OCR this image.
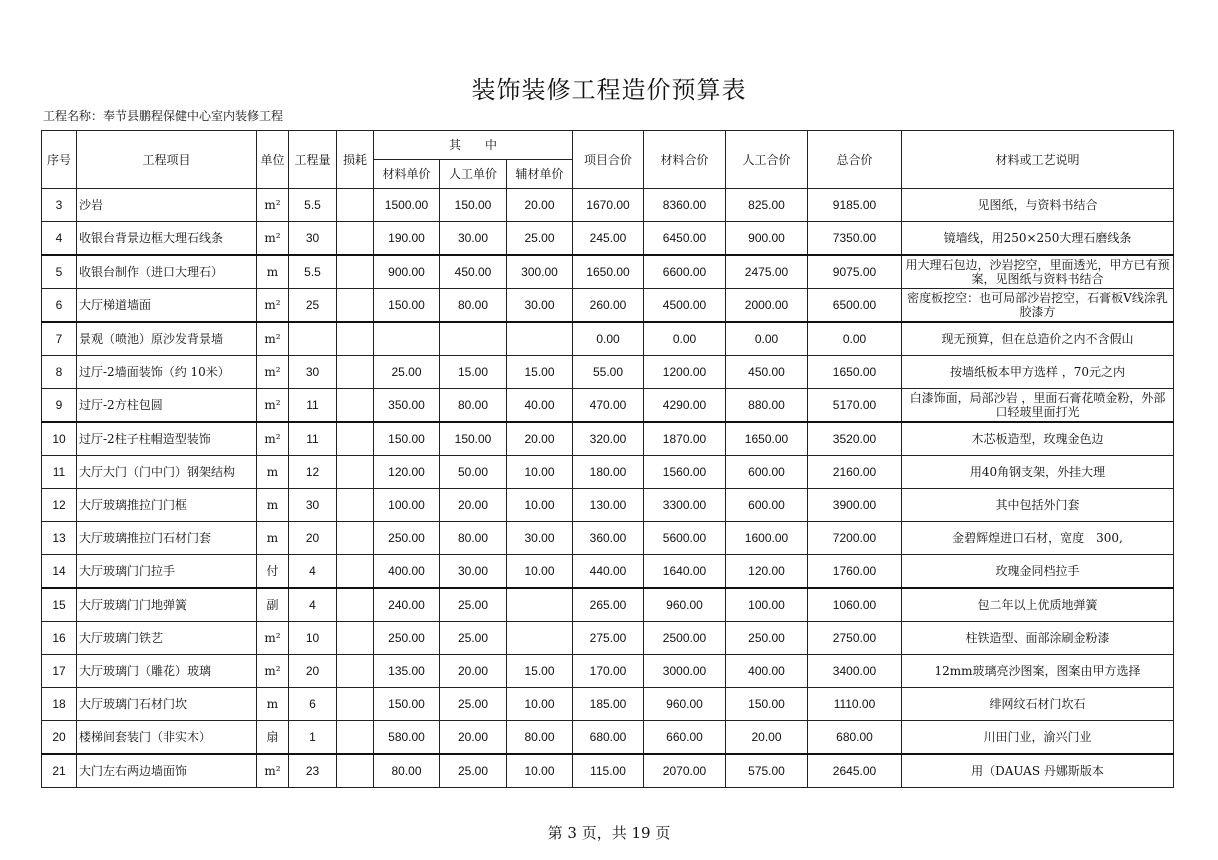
装饰装修工程造价预算表
工程名称：奉节县鹏程保健中心室内装修工程
序号	工程项目	单位	工程量	损耗	其　　中			项目合价	材料合价	人工合价	总合价	材料或工艺说明
					材料单价	人工单价	辅材单价					
3	沙岩	m²	5.5		1500.00	150.00	20.00	1670.00	8360.00	825.00	9185.00	见图纸，与资料书结合
4	收银台背景边框大理石线条	m²	30		190.00	30.00	25.00	245.00	6450.00	900.00	7350.00	镜墙线，用250×250大理石磨线条
5	收银台制作（进口大理石）	m	5.5		900.00	450.00	300.00	1650.00	6600.00	2475.00	9075.00	用大理石包边，沙岩挖空，里面透光，甲方已有预案，见图纸与资料书结合
6	大厅梯道墙面	m²	25		150.00	80.00	30.00	260.00	4500.00	2000.00	6500.00	密度板挖空：也可局部沙岩挖空，石膏板V线涂乳胶漆方
7	景观（喷池）原沙发背景墙	m²						0.00	0.00	0.00	0.00	现无预算，但在总造价之内不含假山
8	过厅-2墙面装饰（约 10米）	m²	30		25.00	15.00	15.00	55.00	1200.00	450.00	1650.00	按墙纸板本甲方选样 ，70元之内
9	过厅-2方柱包圆	m²	11		350.00	80.00	40.00	470.00	4290.00	880.00	5170.00	白漆饰面，局部沙岩 ，里面石膏花喷金粉，外部口轻玻里面打光
10	过厅-2柱子柱帽造型装饰	m²	11		150.00	150.00	20.00	320.00	1870.00	1650.00	3520.00	木芯板造型，玫瑰金色边
11	大厅大门（门中门）钢架结构	m	12		120.00	50.00	10.00	180.00	1560.00	600.00	2160.00	用40角钢支架，外挂大理
12	大厅玻璃推拉门门框	m	30		100.00	20.00	10.00	130.00	3300.00	600.00	3900.00	其中包括外门套
13	大厅玻璃推拉门石材门套	m	20		250.00	80.00	30.00	360.00	5600.00	1600.00	7200.00	金碧辉煌进口石材，宽度　300,
14	大厅玻璃门门拉手	付	4		400.00	30.00	10.00	440.00	1640.00	120.00	1760.00	玫瑰金同档拉手
15	大厅玻璃门门地弹簧	副	4		240.00	25.00		265.00	960.00	100.00	1060.00	包二年以上优质地弹簧
16	大厅玻璃门铁艺	m²	10		250.00	25.00		275.00	2500.00	250.00	2750.00	柱铁造型、面部涂刷金粉漆
17	大厅玻璃门（雕花）玻璃	m²	20		135.00	20.00	15.00	170.00	3000.00	400.00	3400.00	12mm玻璃亮沙图案，图案由甲方选择
18	大厅玻璃门石材门坎	m	6		150.00	25.00	10.00	185.00	960.00	150.00	1110.00	绯网纹石材门坎石
20	楼梯间套装门（非实木）	扇	1		580.00	20.00	80.00	680.00	660.00	20.00	680.00	川田门业，渝兴门业
21	大门左右两边墙面饰	m²	23		80.00	25.00	10.00	115.00	2070.00	575.00	2645.00	用（DAUAS 丹娜斯版本
第 3 页，共 19 页
